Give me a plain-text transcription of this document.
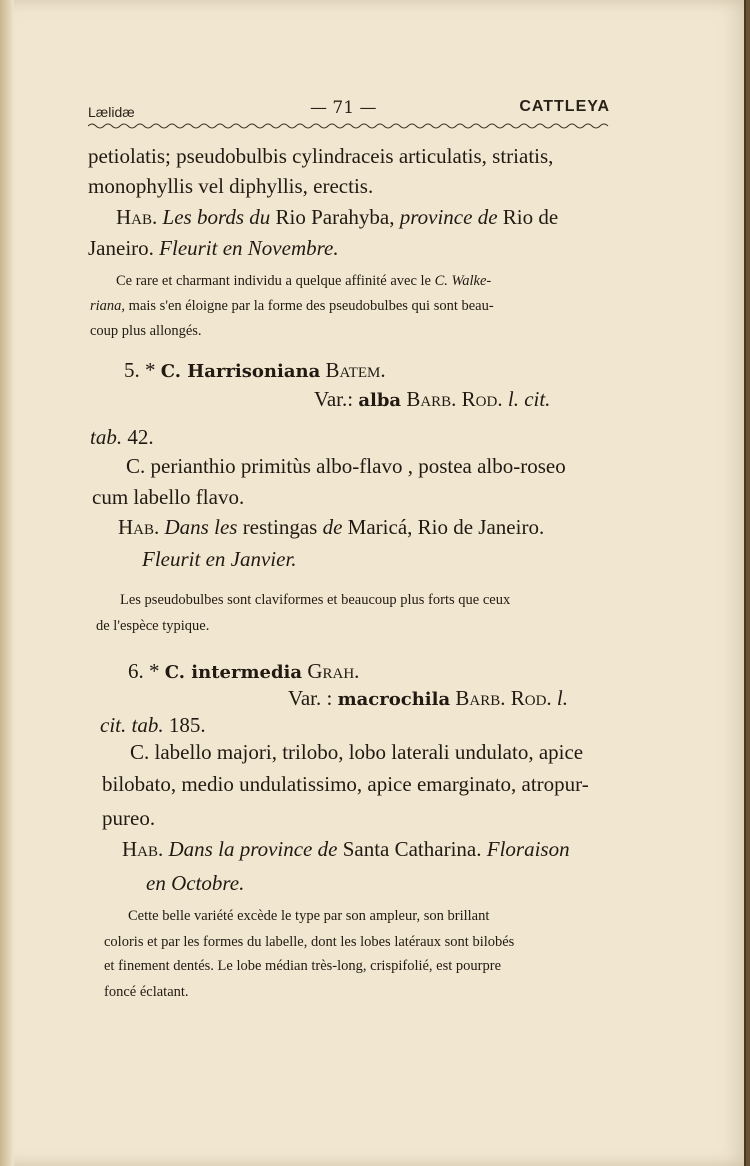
Lælidæ	— 71 —	CATTLEYA
petiolatis; pseudobulbis cylindraceis articulatis, striatis,
monophyllis vel diphyllis, erectis.
Hab. Les bords du Rio Parahyba, province de Rio de
Janeiro. Fleurit en Novembre.
Ce rare et charmant individu a quelque affinité avec le C. Walke-
riana, mais s'en éloigne par la forme des pseudobulbes qui sont beau-
coup plus allongés.
5. * C. Harrisoniana Batem.
Var.: alba Barb. Rod. l. cit.
tab. 42.
C. perianthio primitùs albo-flavo , postea albo-roseo
cum labello flavo.
Hab. Dans les restingas de Maricá, Rio de Janeiro.
Fleurit en Janvier.
Les pseudobulbes sont claviformes et beaucoup plus forts que ceux
de l'espèce typique.
6. * C. intermedia Grah.
Var. : macrochila Barb. Rod. l.
cit. tab. 185.
C. labello majori, trilobo, lobo laterali undulato, apice
bilobato, medio undulatissimo, apice emarginato, atropur-
pureo.
Hab. Dans la province de Santa Catharina. Floraison
en Octobre.
Cette belle variété excède le type par son ampleur, son brillant
coloris et par les formes du labelle, dont les lobes latéraux sont bilobés
et finement dentés. Le lobe médian très-long, crispifolié, est pourpre
foncé éclatant.
